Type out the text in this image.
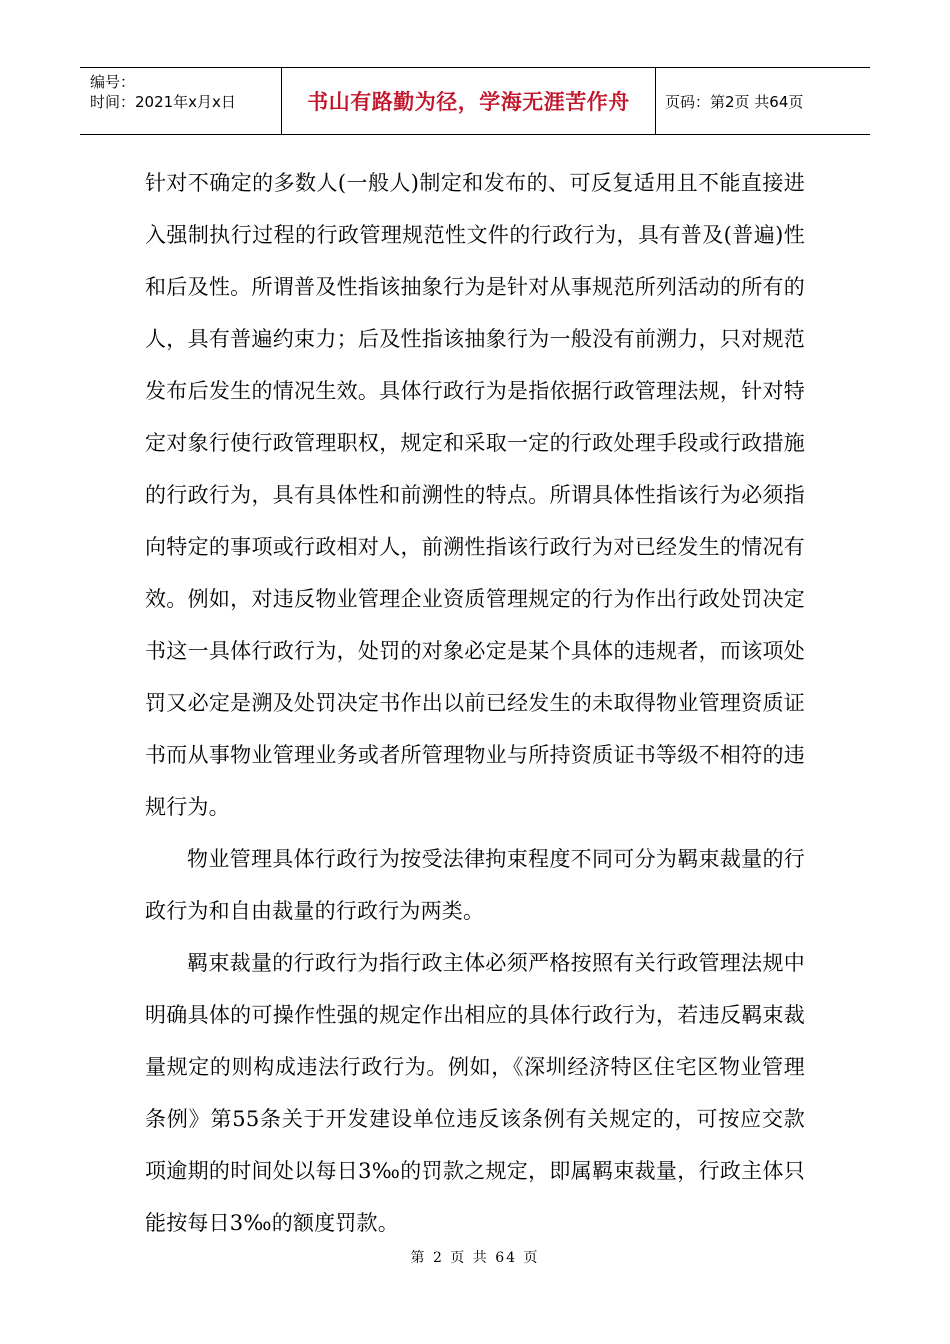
编号：
时间：2021年x月x日	书山有路勤为径，学海无涯苦作舟	页码：第2页 共64页

针对不确定的多数人(一般人)制定和发布的、可反复适用且不能直接进入强制执行过程的行政管理规范性文件的行政行为，具有普及(普遍)性和后及性。所谓普及性指该抽象行为是针对从事规范所列活动的所有的人，具有普遍约束力；后及性指该抽象行为一般没有前溯力，只对规范发布后发生的情况生效。具体行政行为是指依据行政管理法规，针对特定对象行使行政管理职权，规定和采取一定的行政处理手段或行政措施的行政行为，具有具体性和前溯性的特点。所谓具体性指该行为必须指向特定的事项或行政相对人，前溯性指该行政行为对已经发生的情况有效。例如，对违反物业管理企业资质管理规定的行为作出行政处罚决定书这一具体行政行为，处罚的对象必定是某个具体的违规者，而该项处罚又必定是溯及处罚决定书作出以前已经发生的未取得物业管理资质证书而从事物业管理业务或者所管理物业与所持资质证书等级不相符的违规行为。

物业管理具体行政行为按受法律拘束程度不同可分为羁束裁量的行政行为和自由裁量的行政行为两类。

羁束裁量的行政行为指行政主体必须严格按照有关行政管理法规中明确具体的可操作性强的规定作出相应的具体行政行为，若违反羁束裁量规定的则构成违法行政行为。例如，《深圳经济特区住宅区物业管理条例》第55条关于开发建设单位违反该条例有关规定的，可按应交款项逾期的时间处以每日3‰的罚款之规定，即属羁束裁量，行政主体只能按每日3‰的额度罚款。

第 2 页 共 64 页
